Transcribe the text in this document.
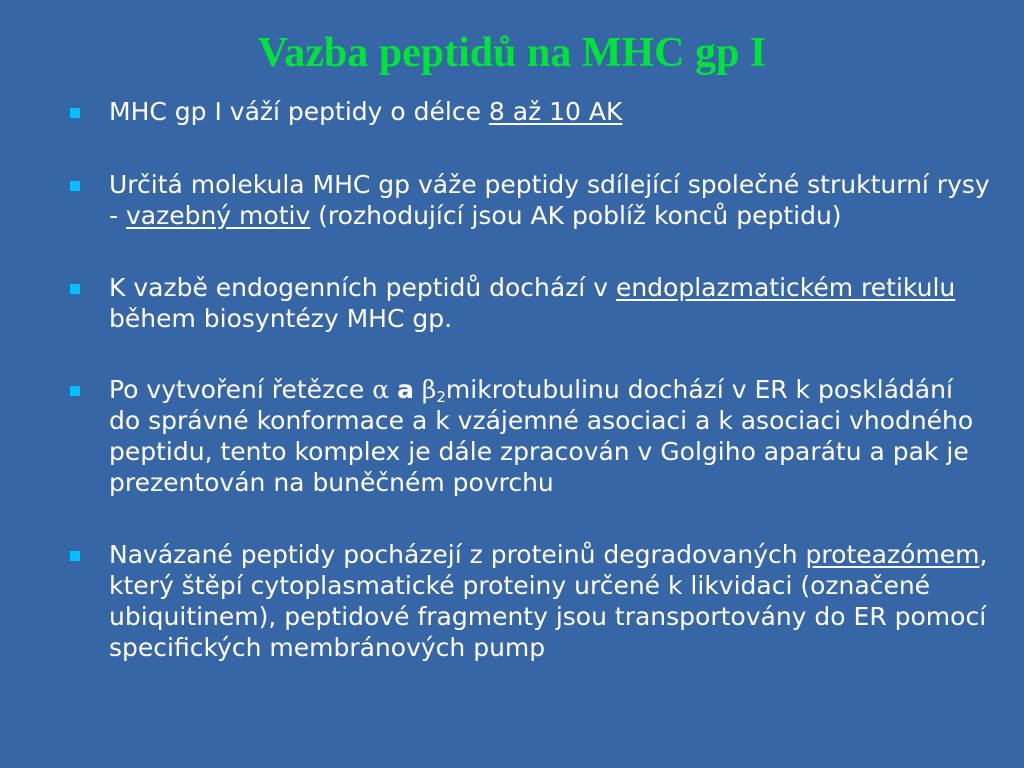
Vazba peptidů na MHC gp I
MHC gp I váží peptidy o délce 8 až 10 AK
Určitá molekula MHC gp váže peptidy sdílející společné strukturní rysy - vazebný motiv (rozhodující jsou AK poblíž konců peptidu)
K vazbě endogenních peptidů dochází v endoplazmatickém retikulu během biosyntézy MHC gp.
Po vytvoření řetězce α a $\beta_2mikrotubulinu$ dochází v ER k poskládání do správné konformace a k vzájemné asociaci a k asociaci vhodného peptidu, tento komplex je dále zpracován v Golgiho aparátu a pak je prezentován na buněčném povrchu
Navázané peptidy pocházejí z proteinů degradovaných proteazómem, který štěpí cytoplasmatické proteiny určené k likvidaci (označené ubiquitinem), peptidové fragmenty jsou transportovány do ER pomocí specifických membránových pump
